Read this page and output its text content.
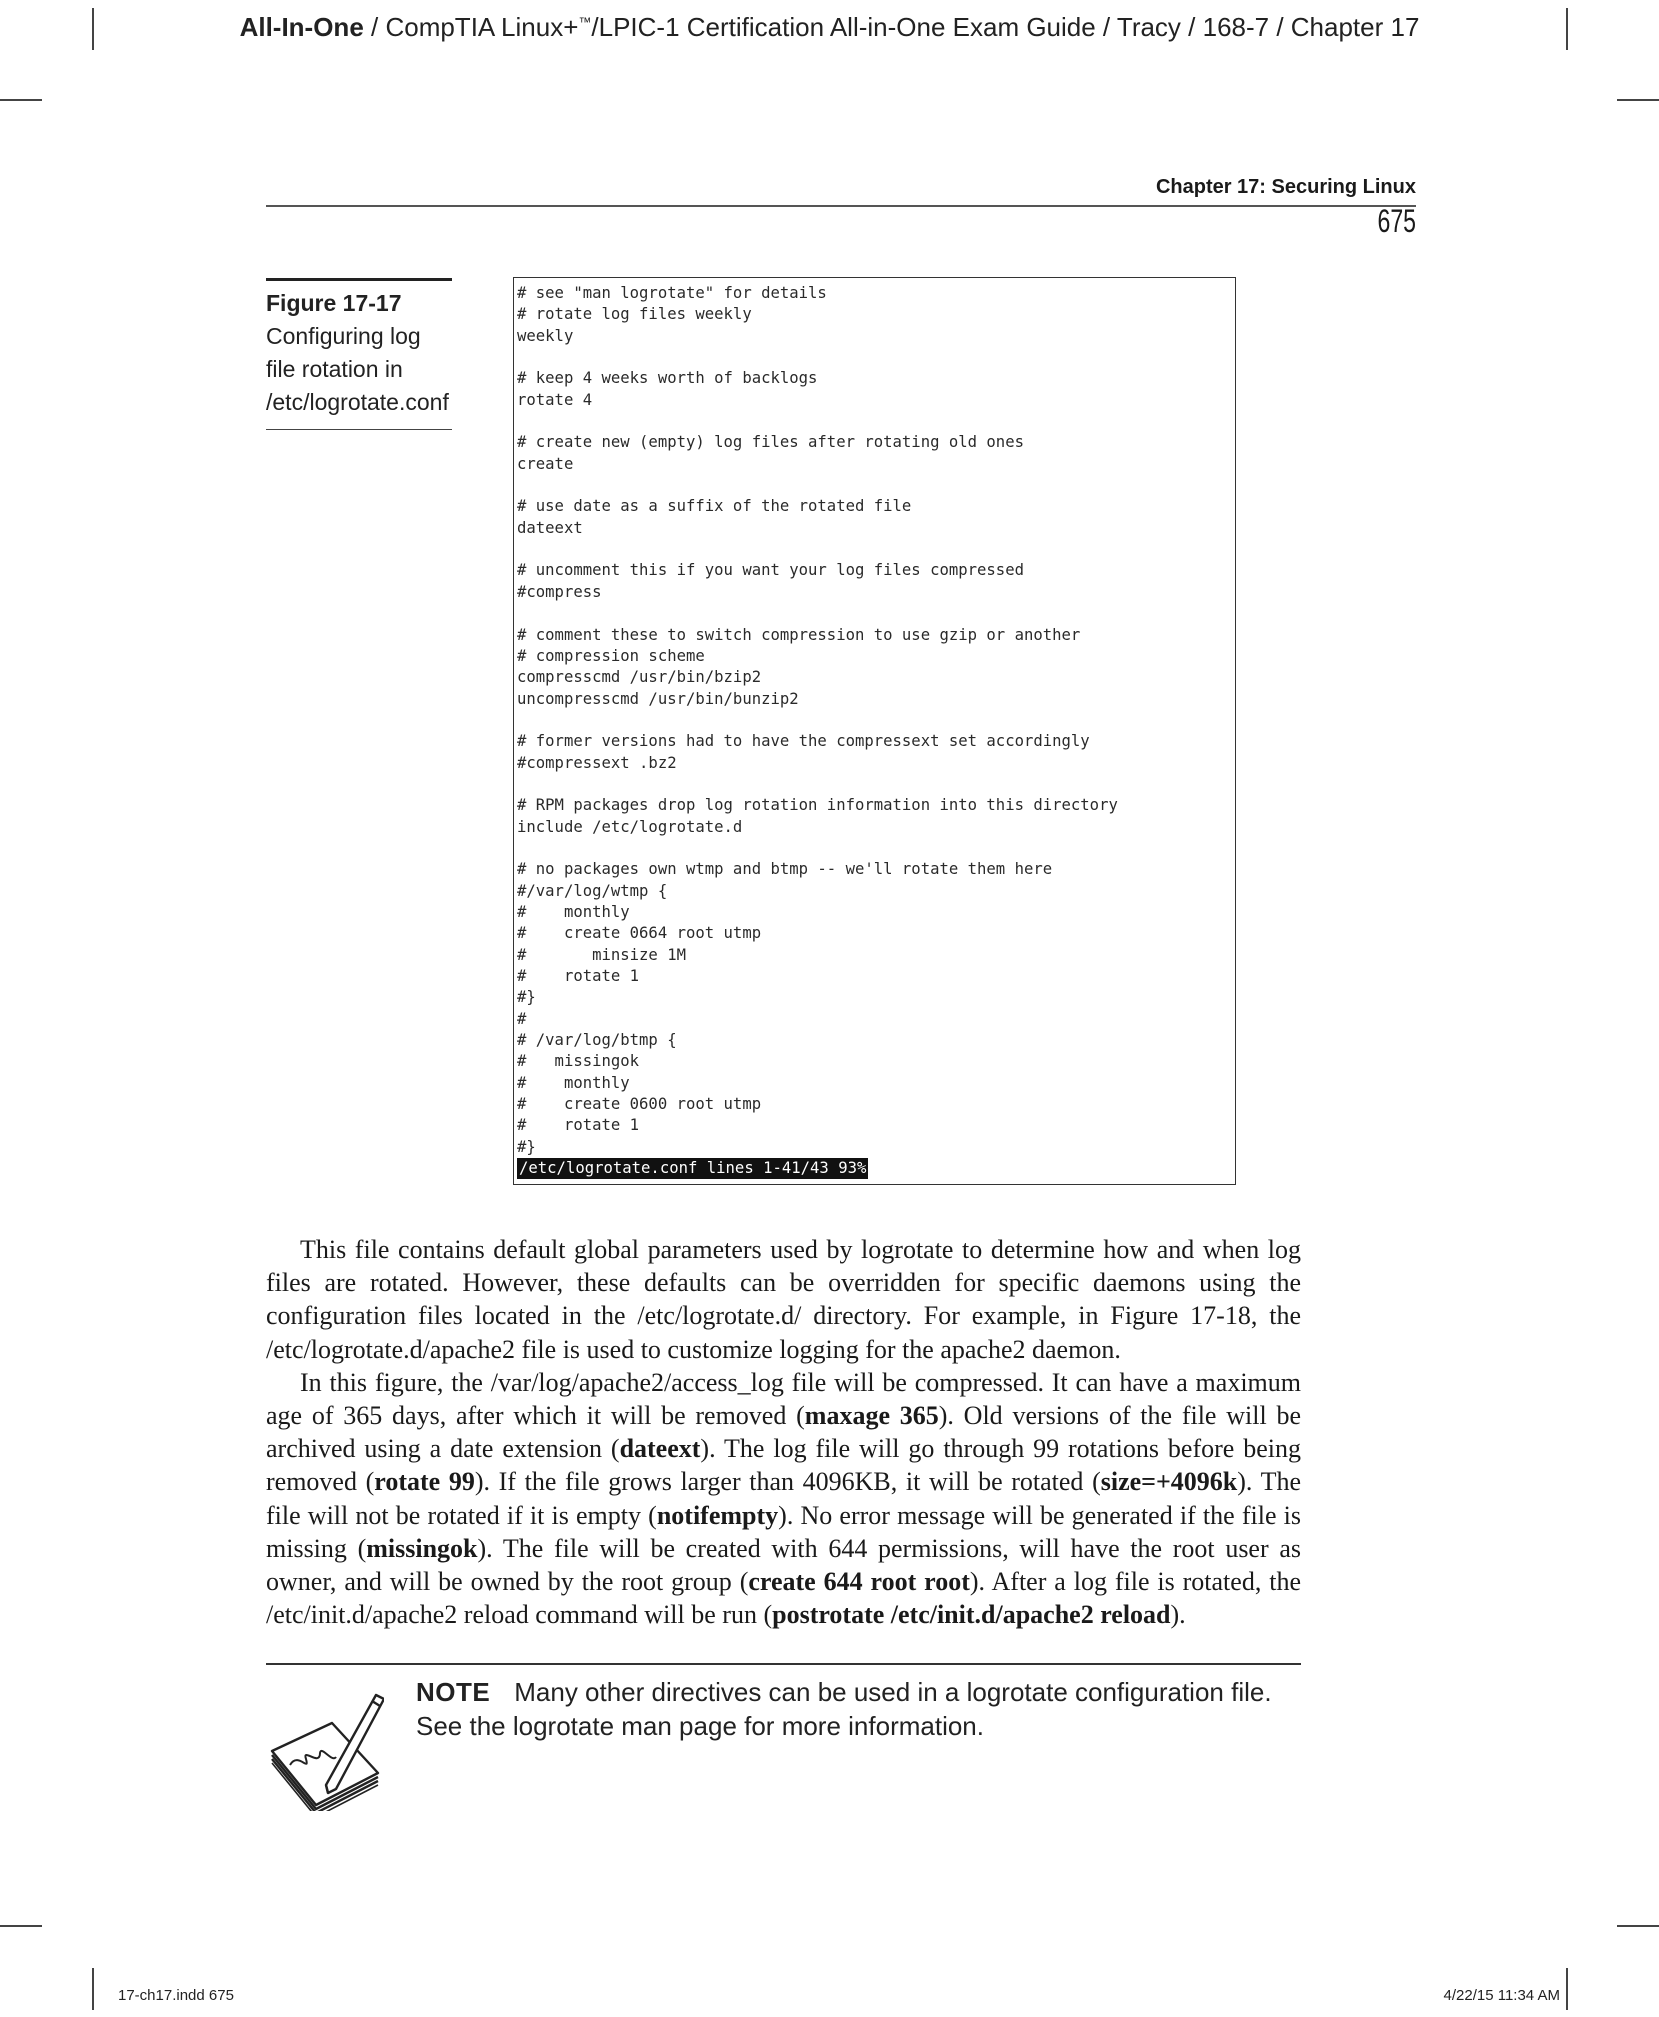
All-In-One / CompTIA Linux+™/LPIC-1 Certification All-in-One Exam Guide / Tracy / 168-7 / Chapter 17
Chapter 17: Securing Linux
675
Figure 17-17
Configuring log file rotation in /etc/logrotate.conf
# see "man logrotate" for details
# rotate log files weekly
weekly
# keep 4 weeks worth of backlogs
rotate 4
# create new (empty) log files after rotating old ones
create
# use date as a suffix of the rotated file
dateext
# uncomment this if you want your log files compressed
#compress
# comment these to switch compression to use gzip or another
# compression scheme
compresscmd /usr/bin/bzip2
uncompresscmd /usr/bin/bunzip2
# former versions had to have the compressext set accordingly
#compressext .bz2
# RPM packages drop log rotation information into this directory
include /etc/logrotate.d
# no packages own wtmp and btmp -- we'll rotate them here
#/var/log/wtmp {
#    monthly
#    create 0664 root utmp
#       minsize 1M
#    rotate 1
#}
#
# /var/log/btmp {
#   missingok
#    monthly
#    create 0600 root utmp
#    rotate 1
#}
/etc/logrotate.conf lines 1-41/43 93%

This file contains default global parameters used by logrotate to determine how and when log files are rotated. However, these defaults can be overridden for specific daemons using the configuration files located in the /etc/logrotate.d/ directory. For example, in Figure 17-18, the /etc/logrotate.d/apache2 file is used to customize logging for the apache2 daemon.

In this figure, the /var/log/apache2/access_log file will be compressed. It can have a maximum age of 365 days, after which it will be removed (maxage 365). Old versions of the file will be archived using a date extension (dateext). The log file will go through 99 rotations before being removed (rotate 99). If the file grows larger than 4096KB, it will be rotated (size=+4096k). The file will not be rotated if it is empty (notifempty). No error message will be generated if the file is missing (missingok). The file will be created with 644 permissions, will have the root user as owner, and will be owned by the root group (create 644 root root). After a log file is rotated, the /etc/init.d/apache2 reload command will be run (postrotate /etc/init.d/apache2 reload).

NOTE Many other directives can be used in a logrotate configuration file. See the logrotate man page for more information.
17-ch17.indd 675	4/22/15 11:34 AM
